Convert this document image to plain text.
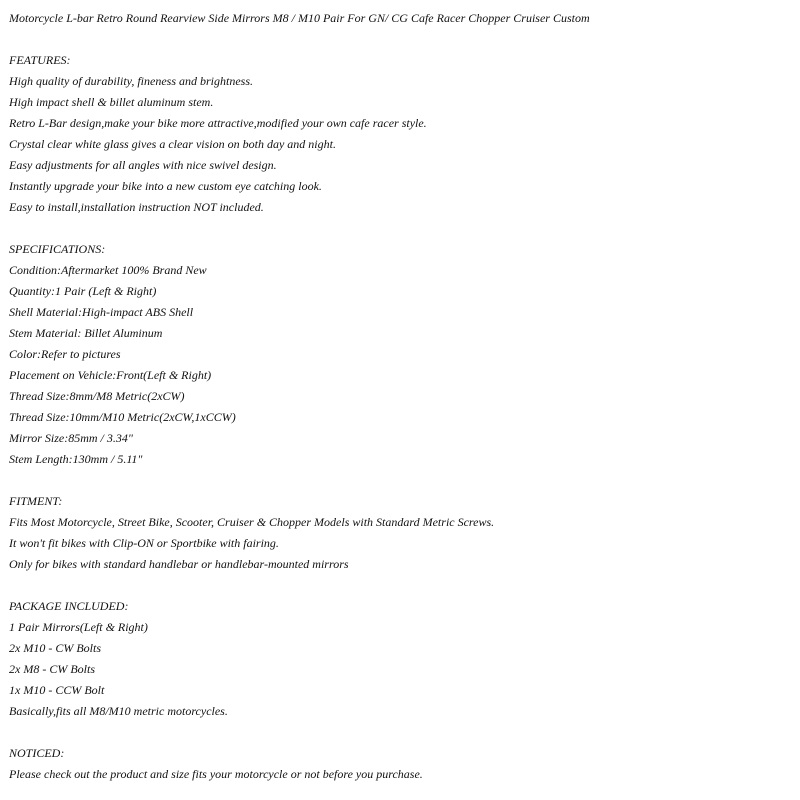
Motorcycle L-bar Retro Round Rearview Side Mirrors M8 / M10 Pair For GN/ CG Cafe Racer Chopper Cruiser Custom
FEATURES:
High quality of durability, fineness and brightness.
High impact shell & billet aluminum stem.
Retro L-Bar design,make your bike more attractive,modified your own cafe racer style.
Crystal clear white glass gives a clear vision on both day and night.
Easy adjustments for all angles with nice swivel design.
Instantly upgrade your bike into a new custom eye catching look.
Easy to install,installation instruction NOT included.
SPECIFICATIONS:
Condition:Aftermarket 100% Brand New
Quantity:1 Pair (Left & Right)
Shell Material:High-impact ABS Shell
Stem Material: Billet Aluminum
Color:Refer to pictures
Placement on Vehicle:Front(Left & Right)
Thread Size:8mm/M8 Metric(2xCW)
Thread Size:10mm/M10 Metric(2xCW,1xCCW)
Mirror Size:85mm / 3.34"
Stem Length:130mm / 5.11"
FITMENT:
Fits Most Motorcycle, Street Bike, Scooter, Cruiser & Chopper Models with Standard Metric Screws.
It won't fit bikes with Clip-ON or Sportbike with fairing.
Only for bikes with standard handlebar or handlebar-mounted mirrors
PACKAGE INCLUDED:
1 Pair Mirrors(Left & Right)
2x M10 - CW Bolts
2x M8 - CW Bolts
1x M10 - CCW Bolt
Basically,fits all M8/M10 metric motorcycles.
NOTICED:
Please check out the product and size fits your motorcycle or not before you purchase.
